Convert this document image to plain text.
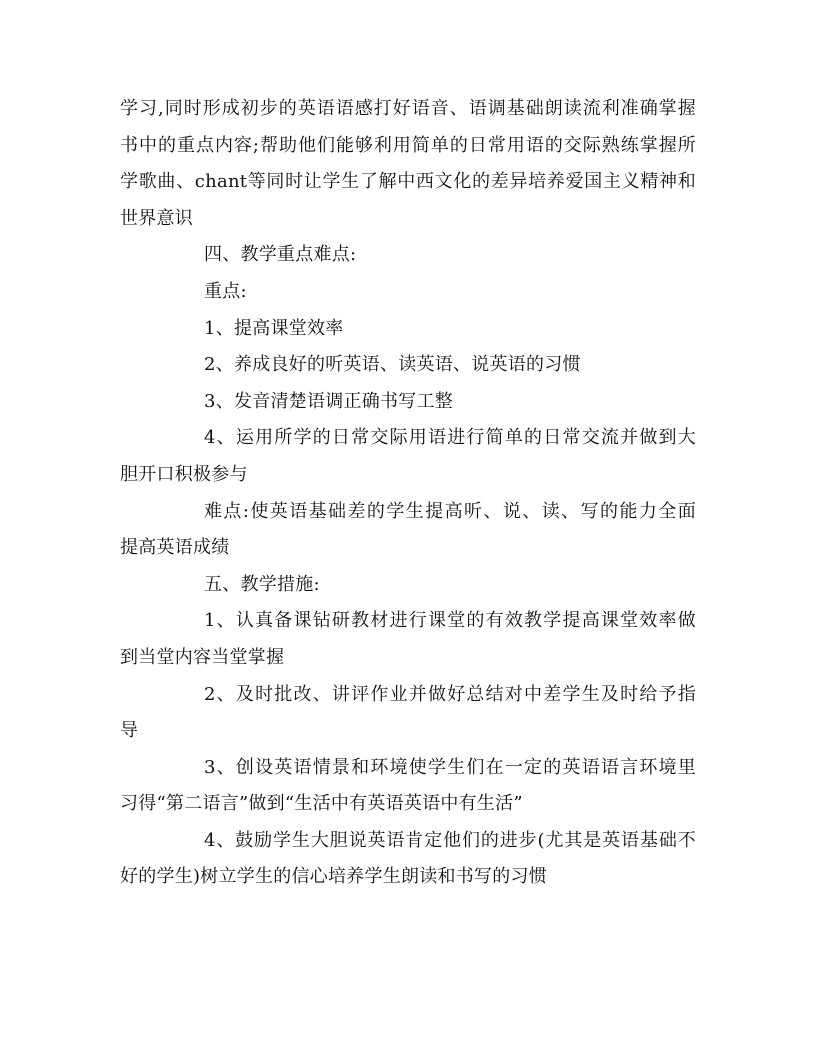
学习,同时形成初步的英语语感打好语音、语调基础朗读流利准确掌握
书中的重点内容;帮助他们能够利用简单的日常用语的交际熟练掌握所
学歌曲、chant等同时让学生了解中西文化的差异培养爱国主义精神和
世界意识
四、教学重点难点:
重点:
1、提高课堂效率
2、养成良好的听英语、读英语、说英语的习惯
3、发音清楚语调正确书写工整
4、运用所学的日常交际用语进行简单的日常交流并做到大
胆开口积极参与
难点:使英语基础差的学生提高听、说、读、写的能力全面
提高英语成绩
五、教学措施:
1、认真备课钻研教材进行课堂的有效教学提高课堂效率做
到当堂内容当堂掌握
2、及时批改、讲评作业并做好总结对中差学生及时给予指
导
3、创设英语情景和环境使学生们在一定的英语语言环境里
习得“第二语言”做到“生活中有英语英语中有生活”
4、鼓励学生大胆说英语肯定他们的进步(尤其是英语基础不
好的学生)树立学生的信心培养学生朗读和书写的习惯
